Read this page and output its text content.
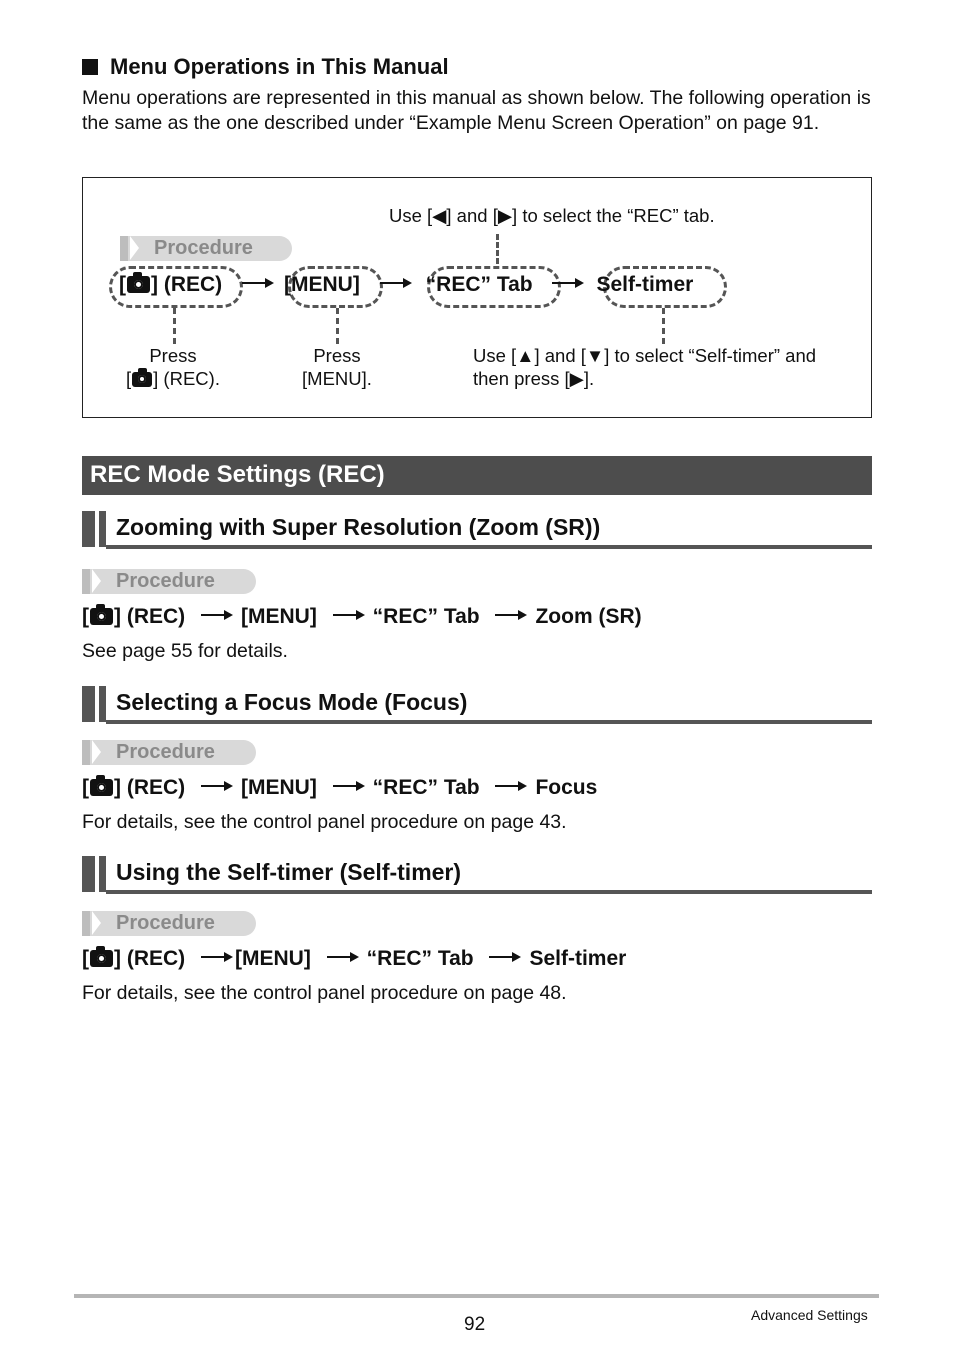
Menu Operations in This Manual

Menu operations are represented in this manual as shown below. The following operation is the same as the one described under “Example Menu Screen Operation” on page 91.

Use [◀] and [▶] to select the “REC” tab.
Procedure
[ ] (REC)	[MENU]	“REC” Tab	Self-timer
Press
[ ] (REC).
Press
[MENU].
Use [▲] and [▼] to select “Self-timer” and
then press [▶].
REC Mode Settings (REC)
Zooming with Super Resolution (Zoom (SR))
Procedure
[ ] (REC)	[MENU]	“REC” Tab	Zoom (SR)
See page 55 for details.
Selecting a Focus Mode (Focus)
Procedure
[ ] (REC)	[MENU]	“REC” Tab	Focus
For details, see the control panel procedure on page 43.
Using the Self-timer (Self-timer)
Procedure
[ ] (REC) [MENU]	“REC” Tab	Self-timer
For details, see the control panel procedure on page 48.
92	Advanced Settings
